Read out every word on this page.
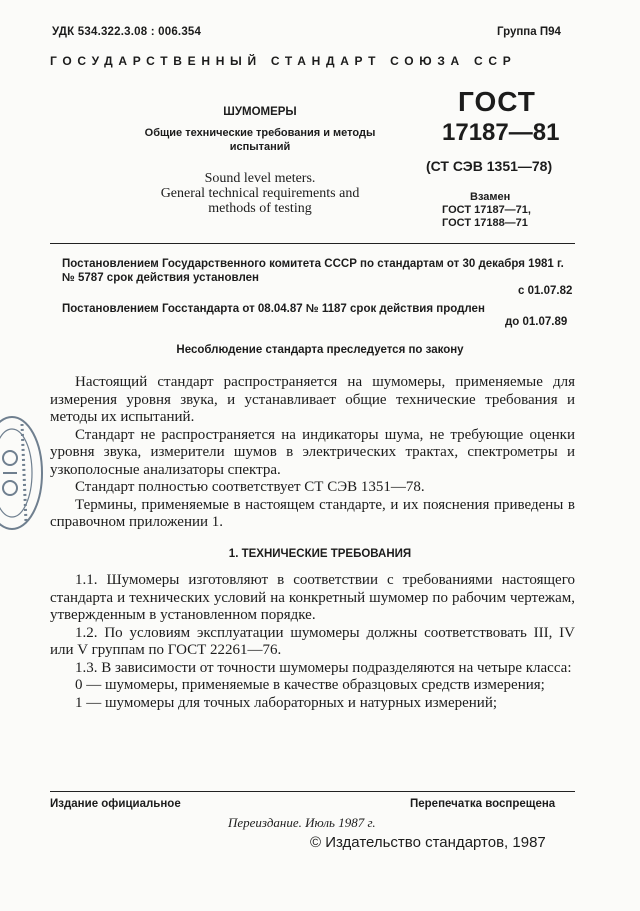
УДК 534.322.3.08 : 006.354	Группа П94
ГОСУДАРСТВЕННЫЙ СТАНДАРТ СОЮЗА ССР
ШУМОМЕРЫ
Общие технические требования и методы испытаний
Sound level meters.
General technical requirements and
methods of testing
ГОСТ
17187—81
(СТ СЭВ 1351—78)
Взамен
ГОСТ 17187—71,
ГОСТ 17188—71
Постановлением Государственного комитета СССР по стандартам от 30 декабря 1981 г. № 5787 срок действия установлен
с 01.07.82
Постановлением Госстандарта от 08.04.87 № 1187 срок действия продлен
до 01.07.89
Несоблюдение стандарта преследуется по закону

Настоящий стандарт распространяется на шумомеры, применяемые для измерения уровня звука, и устанавливает общие технические требования и методы их испытаний.

Стандарт не распространяется на индикаторы шума, не требующие оценки уровня звука, измерители шумов в электрических трактах, спектрометры и узкополосные анализаторы спектра.

Стандарт полностью соответствует СТ СЭВ 1351—78.

Термины, применяемые в настоящем стандарте, и их пояснения приведены в справочном приложении 1.

1. ТЕХНИЧЕСКИЕ ТРЕБОВАНИЯ

1.1. Шумомеры изготовляют в соответствии с требованиями настоящего стандарта и технических условий на конкретный шумомер по рабочим чертежам, утвержденным в установленном порядке.

1.2. По условиям эксплуатации шумомеры должны соответствовать III, IV или V группам по ГОСТ 22261—76.

1.3. В зависимости от точности шумомеры подразделяются на четыре класса:

0 — шумомеры, применяемые в качестве образцовых средств измерения;

1 — шумомеры для точных лабораторных и натурных измерений;

Издание официальное	Перепечатка воспрещена
Переиздание. Июль 1987 г.
© Издательство стандартов, 1987
